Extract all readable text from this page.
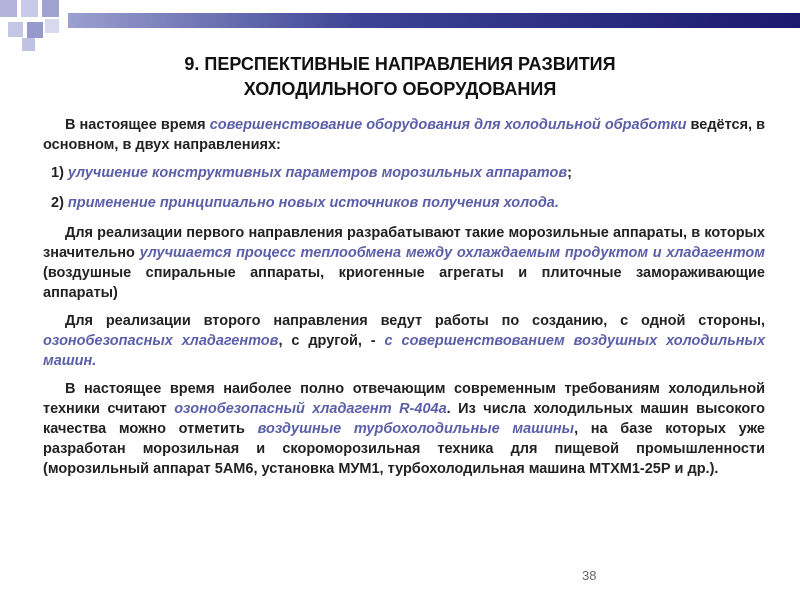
9. ПЕРСПЕКТИВНЫЕ НАПРАВЛЕНИЯ РАЗВИТИЯ
ХОЛОДИЛЬНОГО ОБОРУДОВАНИЯ

В настоящее время совершенствование оборудования для холодильной обработки ведётся, в основном, в двух направлениях:

1) улучшение конструктивных параметров морозильных аппаратов;

2) применение принципиально новых источников получения холода.

Для реализации первого направления разрабатывают такие морозильные аппараты, в которых значительно улучшается процесс теплообмена между охлаждаемым продуктом и хладагентом (воздушные спиральные аппараты, криогенные агрегаты и плиточные замораживающие аппараты)

Для реализации второго направления ведут работы по созданию, с одной стороны, озонобезопасных хладагентов, с другой, - с совершенствованием воздушных холодильных машин.

В настоящее время наиболее полно отвечающим современным требованиям холодильной техники считают озонобезопасный хладагент R-404а. Из числа холодильных машин высокого качества можно отметить воздушные турбохолодильные машины, на базе которых уже разработан морозильная и скороморозильная техника для пищевой промышленности (морозильный аппарат 5АМ6, установка МУМ1, турбохолодильная машина МТХМ1-25Р и др.).

38
